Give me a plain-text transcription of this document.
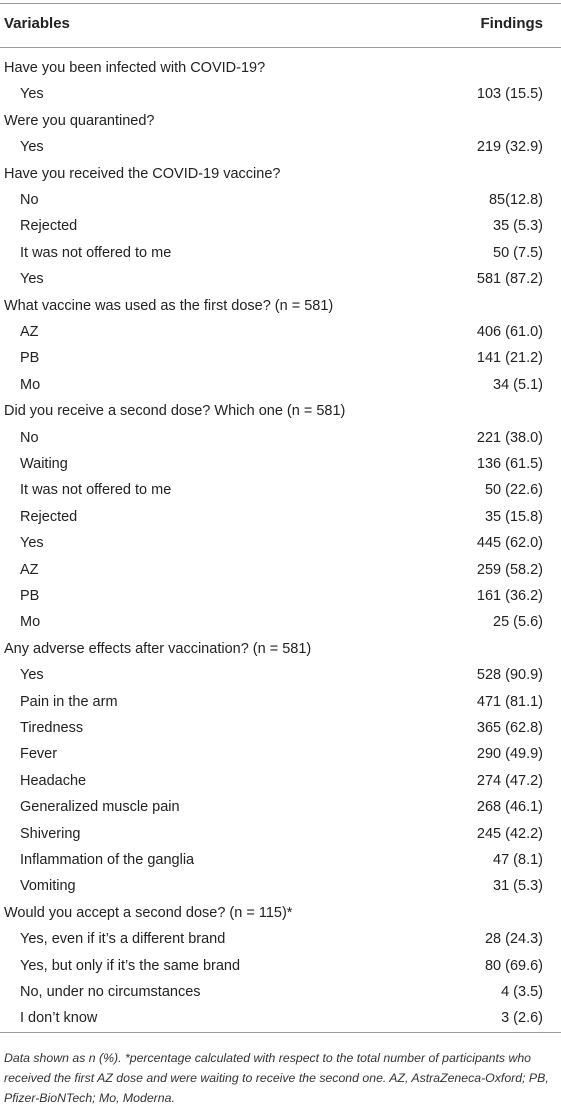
Variables	Findings
Have you been infected with COVID-19?
Yes	103 (15.5)
Were you quarantined?
Yes	219 (32.9)
Have you received the COVID-19 vaccine?
No	85(12.8)
Rejected	35 (5.3)
It was not offered to me	50 (7.5)
Yes	581 (87.2)
What vaccine was used as the first dose? (n = 581)
AZ	406 (61.0)
PB	141 (21.2)
Mo	34 (5.1)
Did you receive a second dose? Which one (n = 581)
No	221 (38.0)
Waiting	136 (61.5)
It was not offered to me	50 (22.6)
Rejected	35 (15.8)
Yes	445 (62.0)
AZ	259 (58.2)
PB	161 (36.2)
Mo	25 (5.6)
Any adverse effects after vaccination? (n = 581)
Yes	528 (90.9)
Pain in the arm	471 (81.1)
Tiredness	365 (62.8)
Fever	290 (49.9)
Headache	274 (47.2)
Generalized muscle pain	268 (46.1)
Shivering	245 (42.2)
Inflammation of the ganglia	47 (8.1)
Vomiting	31 (5.3)
Would you accept a second dose? (n = 115)*
Yes, even if it’s a different brand	28 (24.3)
Yes, but only if it’s the same brand	80 (69.6)
No, under no circumstances	4 (3.5)
I don’t know	3 (2.6)
Data shown as n (%). *percentage calculated with respect to the total number of participants who received the first AZ dose and were waiting to receive the second one. AZ, AstraZeneca-Oxford; PB, Pfizer-BioNTech; Mo, Moderna.
